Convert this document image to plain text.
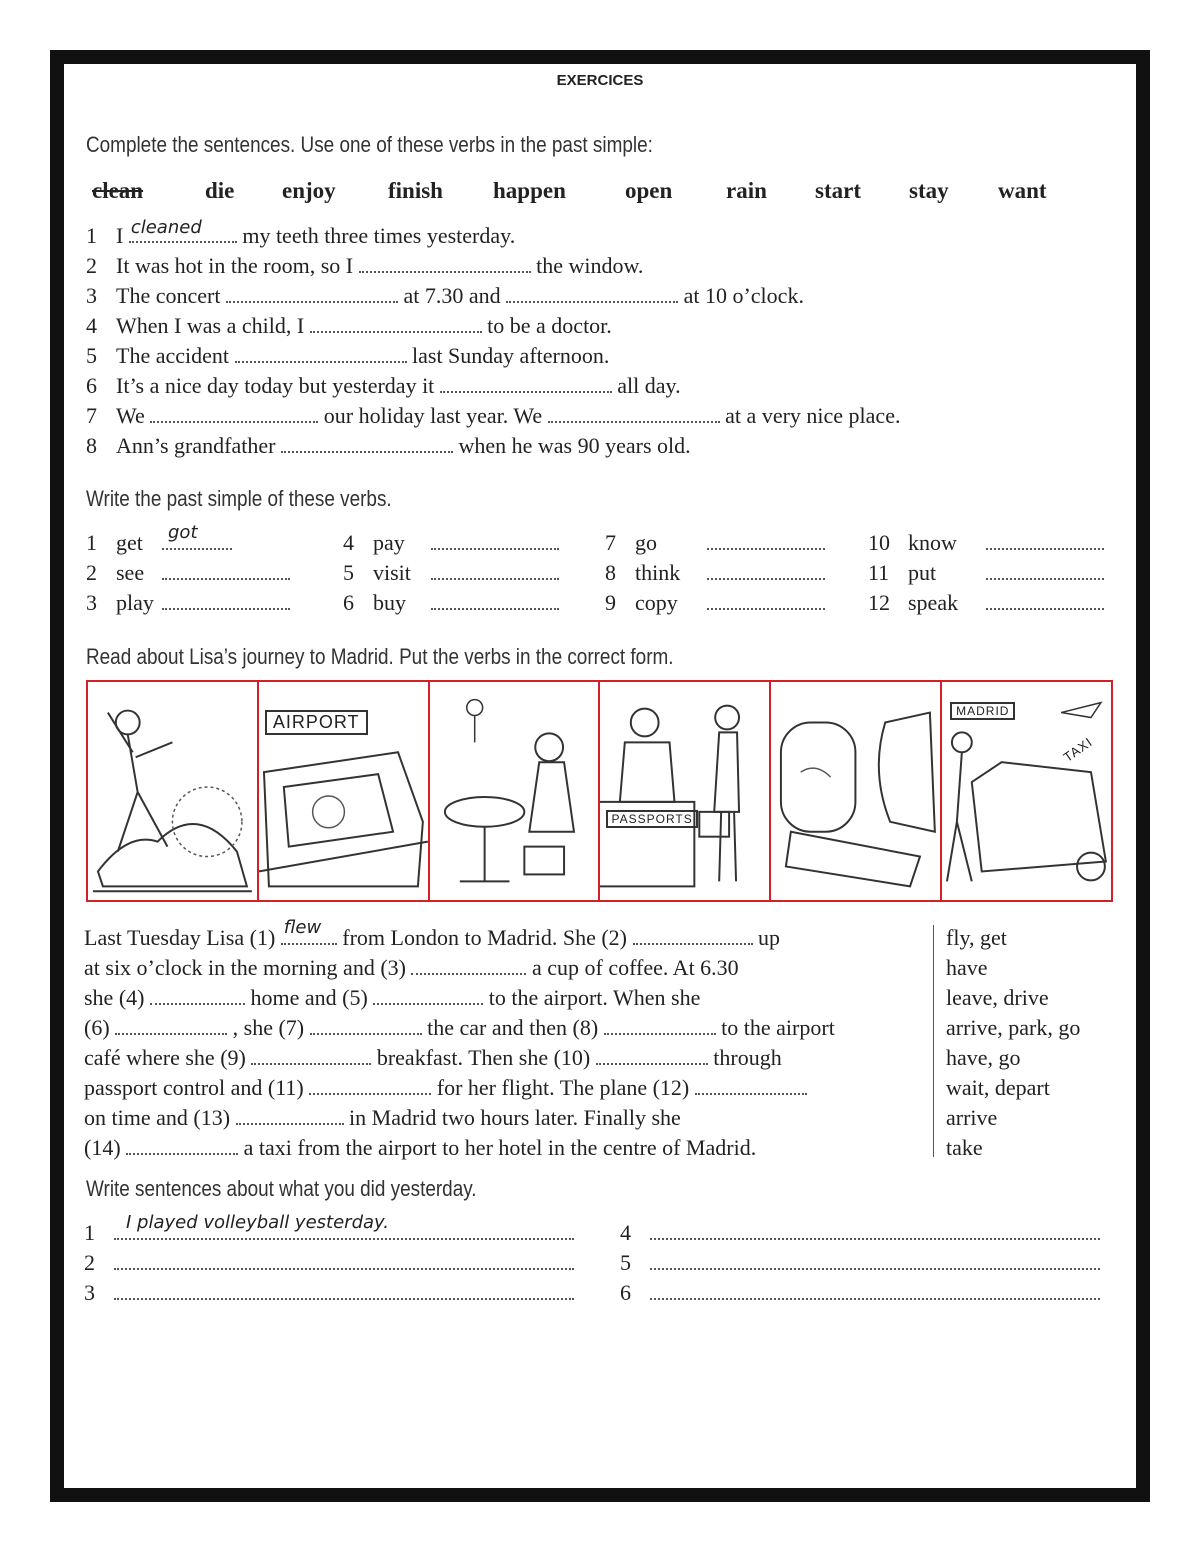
EXERCICES
Complete the sentences. Use one of these verbs in the past simple:
clean	die enjoy finish happen	open rain start stay want
1 I cleaned my teeth three times yesterday.
2 It was hot in the room, so I	the window.
3 The concert	at 7.30 and	at 10 o’clock.
4 When I was a child, I	to be a doctor.
5 The accident	last Sunday afternoon.
6 It’s a nice day today but yesterday it	all day.
7 We	our holiday last year. We	at a very nice place.
8 Ann’s grandfather	when he was 90 years old.
Write the past simple of these verbs.
1 get got
2 see
3 play
4 pay
5 visit
6 buy
7 go
8 think
9 copy
10 know
11 put
12 speak
Read about Lisa’s journey to Madrid. Put the verbs in the correct form.
AIRPORT
PASSPORTS
MADRID
TAXI
Last Tuesday Lisa (1) flew from London to Madrid. She (2)	up
at six o’clock in the morning and (3)	a cup of coffee. At 6.30
she (4)	home and (5)	to the airport. When she
(6)	, she (7)	the car and then (8)	to the airport
café where she (9)	breakfast. Then she (10)	through
passport control and (11)	for her flight. The plane (12)
on time and (13)	in Madrid two hours later. Finally she
(14)	a taxi from the airport to her hotel in the centre of Madrid.
fly, get
have
leave, drive
arrive, park, go
have, go
wait, depart
arrive
take
Write sentences about what you did yesterday.
1 I played volleyball yesterday.
2
3
4
5
6
